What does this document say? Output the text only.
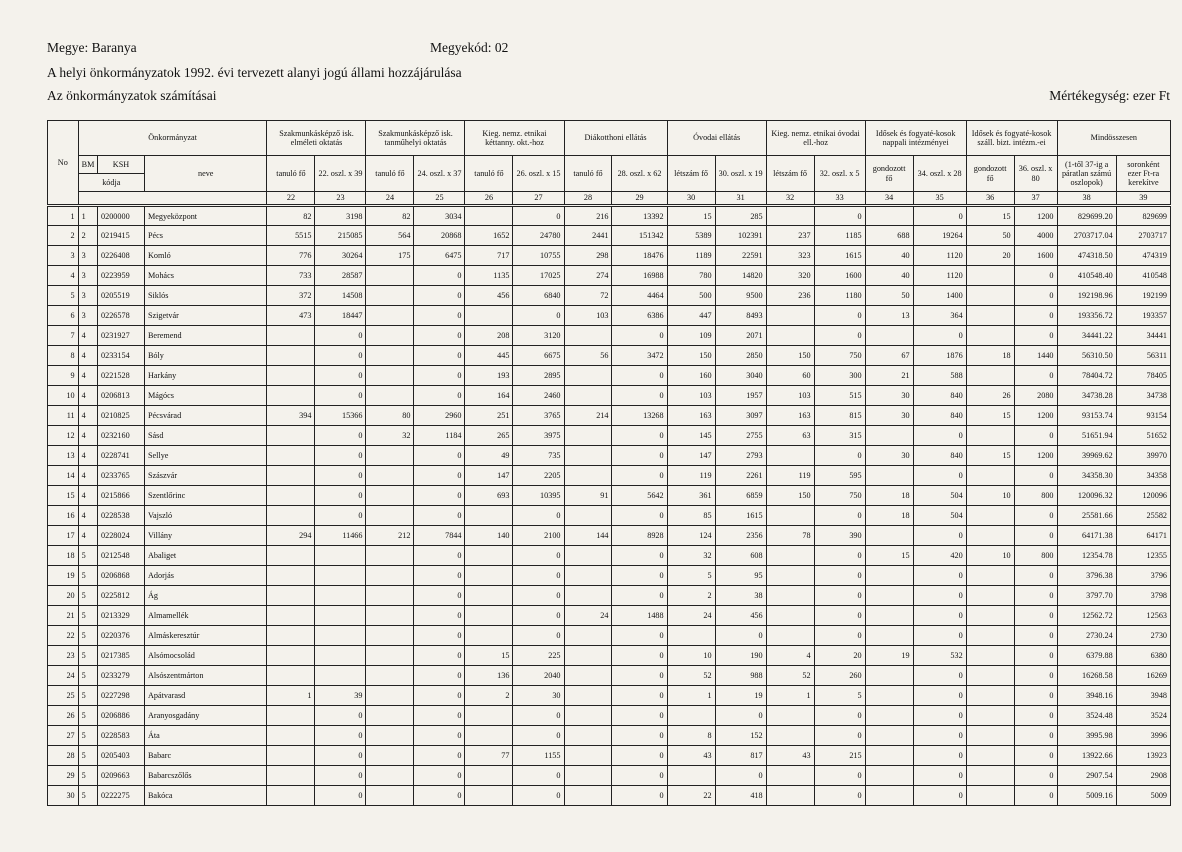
Megye: Baranya	Megyekód: 02
A helyi önkormányzatok 1992. évi tervezett alanyi jogú állami hozzájárulása
Az önkormányzatok számításai	Mértékegység: ezer Ft
No	Önkormányzat			Szakmunkásképző isk. elméleti oktatás		Szakmunkásképző isk. tanműhelyi oktatás		Kieg. nemz. etnikai kéttanny. okt.-hoz		Diákotthoni ellátás		Óvodai ellátás		Kieg. nemz. etnikai óvodai ell.-hoz		Idősek és fogyaté-kosok nappali intézményei		Idősek és fogyaté-kosok száll. bizt. intézm.-ei		Mindösszesen	
	BM	KSH	neve	tanuló fő	22. oszl. x 39	tanuló fő	24. oszl. x 37	tanuló fő	26. oszl. x 15	tanuló fő	28. oszl. x 62	létszám fő	30. oszl. x 19	létszám fő	32. oszl. x 5	gondozott fő	34. oszl. x 28	gondozott fő	36. oszl. x 80	(1-től 37-ig a páratlan számú oszlopok)	soronként ezer Ft-ra kerekítve
	kódja																				
				22	23	24	25	26	27	28	29	30	31	32	33	34	35	36	37	38	39
1	1	0200000	Megyeközpont	82	3198	82	3034		0	216	13392	15	285		0		0	15	1200	829699.20	829699
2	2	0219415	Pécs	5515	215085	564	20868	1652	24780	2441	151342	5389	102391	237	1185	688	19264	50	4000	2703717.04	2703717
3	3	0226408	Komló	776	30264	175	6475	717	10755	298	18476	1189	22591	323	1615	40	1120	20	1600	474318.50	474319
4	3	0223959	Mohács	733	28587		0	1135	17025	274	16988	780	14820	320	1600	40	1120		0	410548.40	410548
5	3	0205519	Siklós	372	14508		0	456	6840	72	4464	500	9500	236	1180	50	1400		0	192198.96	192199
6	3	0226578	Szigetvár	473	18447		0		0	103	6386	447	8493		0	13	364		0	193356.72	193357
7	4	0231927	Beremend		0		0	208	3120		0	109	2071		0		0		0	34441.22	34441
8	4	0233154	Bóly		0		0	445	6675	56	3472	150	2850	150	750	67	1876	18	1440	56310.50	56311
9	4	0221528	Harkány		0		0	193	2895		0	160	3040	60	300	21	588		0	78404.72	78405
10	4	0206813	Mágócs		0		0	164	2460		0	103	1957	103	515	30	840	26	2080	34738.28	34738
11	4	0210825	Pécsvárad	394	15366	80	2960	251	3765	214	13268	163	3097	163	815	30	840	15	1200	93153.74	93154
12	4	0232160	Sásd		0	32	1184	265	3975		0	145	2755	63	315		0		0	51651.94	51652
13	4	0228741	Sellye		0		0	49	735		0	147	2793		0	30	840	15	1200	39969.62	39970
14	4	0233765	Szászvár		0		0	147	2205		0	119	2261	119	595		0		0	34358.30	34358
15	4	0215866	Szentlőrinc		0		0	693	10395	91	5642	361	6859	150	750	18	504	10	800	120096.32	120096
16	4	0228538	Vajszló		0		0		0		0	85	1615		0	18	504		0	25581.66	25582
17	4	0228024	Villány	294	11466	212	7844	140	2100	144	8928	124	2356	78	390		0		0	64171.38	64171
18	5	0212548	Abaliget				0		0		0	32	608		0	15	420	10	800	12354.78	12355
19	5	0206868	Adorjás				0		0		0	5	95		0		0		0	3796.38	3796
20	5	0225812	Ág				0		0		0	2	38		0		0		0	3797.70	3798
21	5	0213329	Almamellék				0		0	24	1488	24	456		0		0		0	12562.72	12563
22	5	0220376	Almáskeresztúr				0		0		0		0		0		0		0	2730.24	2730
23	5	0217385	Alsómocsolád				0	15	225		0	10	190	4	20	19	532		0	6379.88	6380
24	5	0233279	Alsószentmárton				0	136	2040		0	52	988	52	260		0		0	16268.58	16269
25	5	0227298	Apátvarasd	1	39		0	2	30		0	1	19	1	5		0		0	3948.16	3948
26	5	0206886	Aranyosgadány		0		0		0		0		0		0		0		0	3524.48	3524
27	5	0228583	Áta		0		0		0		0	8	152		0		0		0	3995.98	3996
28	5	0205403	Babarc		0		0	77	1155		0	43	817	43	215		0		0	13922.66	13923
29	5	0209663	Babarcszőlős		0		0		0		0		0		0		0		0	2907.54	2908
30	5	0222275	Bakóca		0		0		0		0	22	418		0		0		0	5009.16	5009
